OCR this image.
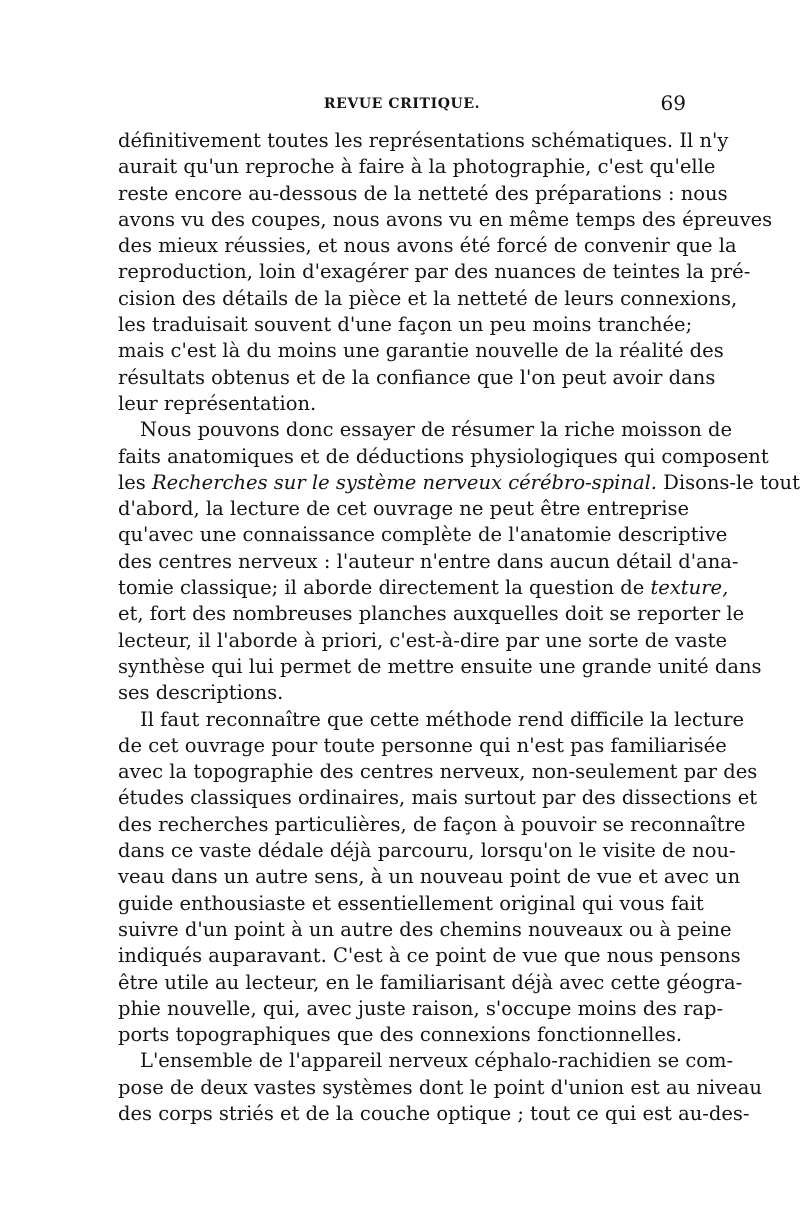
REVUE CRITIQUE.	69
définitivement toutes les représentations schématiques. Il n'y
aurait qu'un reproche à faire à la photographie, c'est qu'elle
reste encore au-dessous de la netteté des préparations : nous
avons vu des coupes, nous avons vu en même temps des épreuves
des mieux réussies, et nous avons été forcé de convenir que la
reproduction, loin d'exagérer par des nuances de teintes la pré-
cision des détails de la pièce et la netteté de leurs connexions,
les traduisait souvent d'une façon un peu moins tranchée;
mais c'est là du moins une garantie nouvelle de la réalité des
résultats obtenus et de la confiance que l'on peut avoir dans
leur représentation.
Nous pouvons donc essayer de résumer la riche moisson de
faits anatomiques et de déductions physiologiques qui composent
les Recherches sur le système nerveux cérébro-spinal. Disons-le tout
d'abord, la lecture de cet ouvrage ne peut être entreprise
qu'avec une connaissance complète de l'anatomie descriptive
des centres nerveux : l'auteur n'entre dans aucun détail d'ana-
tomie classique; il aborde directement la question de texture,
et, fort des nombreuses planches auxquelles doit se reporter le
lecteur, il l'aborde à priori, c'est-à-dire par une sorte de vaste
synthèse qui lui permet de mettre ensuite une grande unité dans
ses descriptions.
Il faut reconnaître que cette méthode rend difficile la lecture
de cet ouvrage pour toute personne qui n'est pas familiarisée
avec la topographie des centres nerveux, non-seulement par des
études classiques ordinaires, mais surtout par des dissections et
des recherches particulières, de façon à pouvoir se reconnaître
dans ce vaste dédale déjà parcouru, lorsqu'on le visite de nou-
veau dans un autre sens, à un nouveau point de vue et avec un
guide enthousiaste et essentiellement original qui vous fait
suivre d'un point à un autre des chemins nouveaux ou à peine
indiqués auparavant. C'est à ce point de vue que nous pensons
être utile au lecteur, en le familiarisant déjà avec cette géogra-
phie nouvelle, qui, avec juste raison, s'occupe moins des rap-
ports topographiques que des connexions fonctionnelles.
L'ensemble de l'appareil nerveux céphalo-rachidien se com-
pose de deux vastes systèmes dont le point d'union est au niveau
des corps striés et de la couche optique ; tout ce qui est au-des-
